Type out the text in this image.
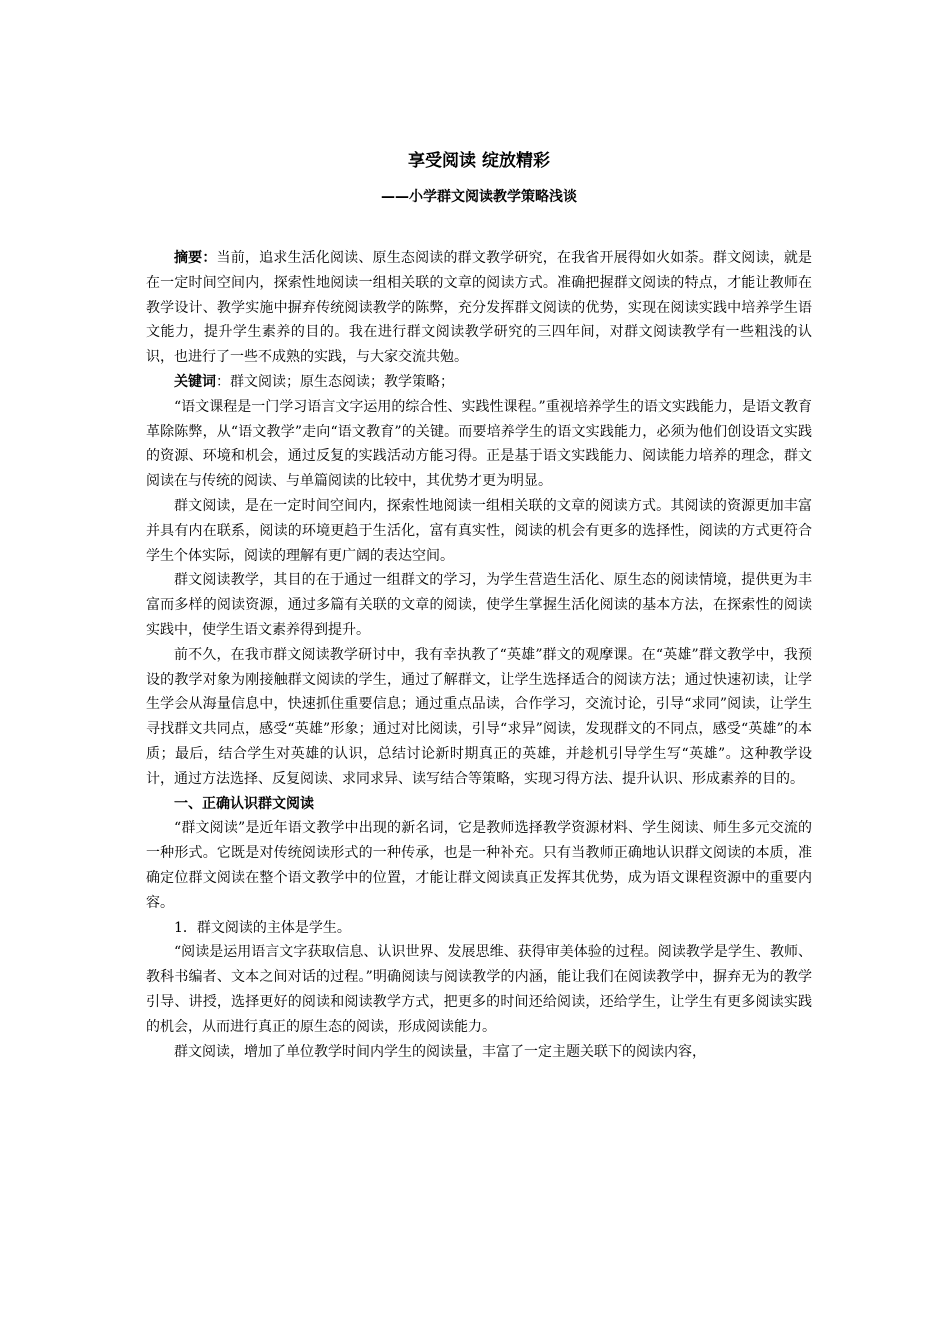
享受阅读 绽放精彩
——小学群文阅读教学策略浅谈

摘要：当前，追求生活化阅读、原生态阅读的群文教学研究，在我省开展得如火如荼。群文阅读，就是在一定时间空间内，探索性地阅读一组相关联的文章的阅读方式。准确把握群文阅读的特点，才能让教师在教学设计、教学实施中摒弃传统阅读教学的陈弊，充分发挥群文阅读的优势，实现在阅读实践中培养学生语文能力，提升学生素养的目的。我在进行群文阅读教学研究的三四年间，对群文阅读教学有一些粗浅的认识，也进行了一些不成熟的实践，与大家交流共勉。

关键词：群文阅读；原生态阅读；教学策略；

“语文课程是一门学习语言文字运用的综合性、实践性课程。”重视培养学生的语文实践能力，是语文教育革除陈弊，从“语文教学”走向“语文教育”的关键。而要培养学生的语文实践能力，必须为他们创设语文实践的资源、环境和机会，通过反复的实践活动方能习得。正是基于语文实践能力、阅读能力培养的理念，群文阅读在与传统的阅读、与单篇阅读的比较中，其优势才更为明显。

群文阅读，是在一定时间空间内，探索性地阅读一组相关联的文章的阅读方式。其阅读的资源更加丰富并具有内在联系，阅读的环境更趋于生活化，富有真实性，阅读的机会有更多的选择性，阅读的方式更符合学生个体实际，阅读的理解有更广阔的表达空间。

群文阅读教学，其目的在于通过一组群文的学习，为学生营造生活化、原生态的阅读情境，提供更为丰富而多样的阅读资源，通过多篇有关联的文章的阅读，使学生掌握生活化阅读的基本方法，在探索性的阅读实践中，使学生语文素养得到提升。

前不久，在我市群文阅读教学研讨中，我有幸执教了“英雄”群文的观摩课。在“英雄”群文教学中，我预设的教学对象为刚接触群文阅读的学生，通过了解群文，让学生选择适合的阅读方法；通过快速初读，让学生学会从海量信息中，快速抓住重要信息；通过重点品读，合作学习，交流讨论，引导“求同”阅读，让学生寻找群文共同点，感受“英雄”形象；通过对比阅读，引导“求异”阅读，发现群文的不同点，感受“英雄”的本质；最后，结合学生对英雄的认识，总结讨论新时期真正的英雄，并趁机引导学生写“英雄”。这种教学设计，通过方法选择、反复阅读、求同求异、读写结合等策略，实现习得方法、提升认识、形成素养的目的。

一、正确认识群文阅读

“群文阅读”是近年语文教学中出现的新名词，它是教师选择教学资源材料、学生阅读、师生多元交流的一种形式。它既是对传统阅读形式的一种传承，也是一种补充。只有当教师正确地认识群文阅读的本质，准确定位群文阅读在整个语文教学中的位置，才能让群文阅读真正发挥其优势，成为语文课程资源中的重要内容。

1．群文阅读的主体是学生。

“阅读是运用语言文字获取信息、认识世界、发展思维、获得审美体验的过程。阅读教学是学生、教师、教科书编者、文本之间对话的过程。”明确阅读与阅读教学的内涵，能让我们在阅读教学中，摒弃无为的教学引导、讲授，选择更好的阅读和阅读教学方式，把更多的时间还给阅读，还给学生，让学生有更多阅读实践的机会，从而进行真正的原生态的阅读，形成阅读能力。

群文阅读，增加了单位教学时间内学生的阅读量，丰富了一定主题关联下的阅读内容，
